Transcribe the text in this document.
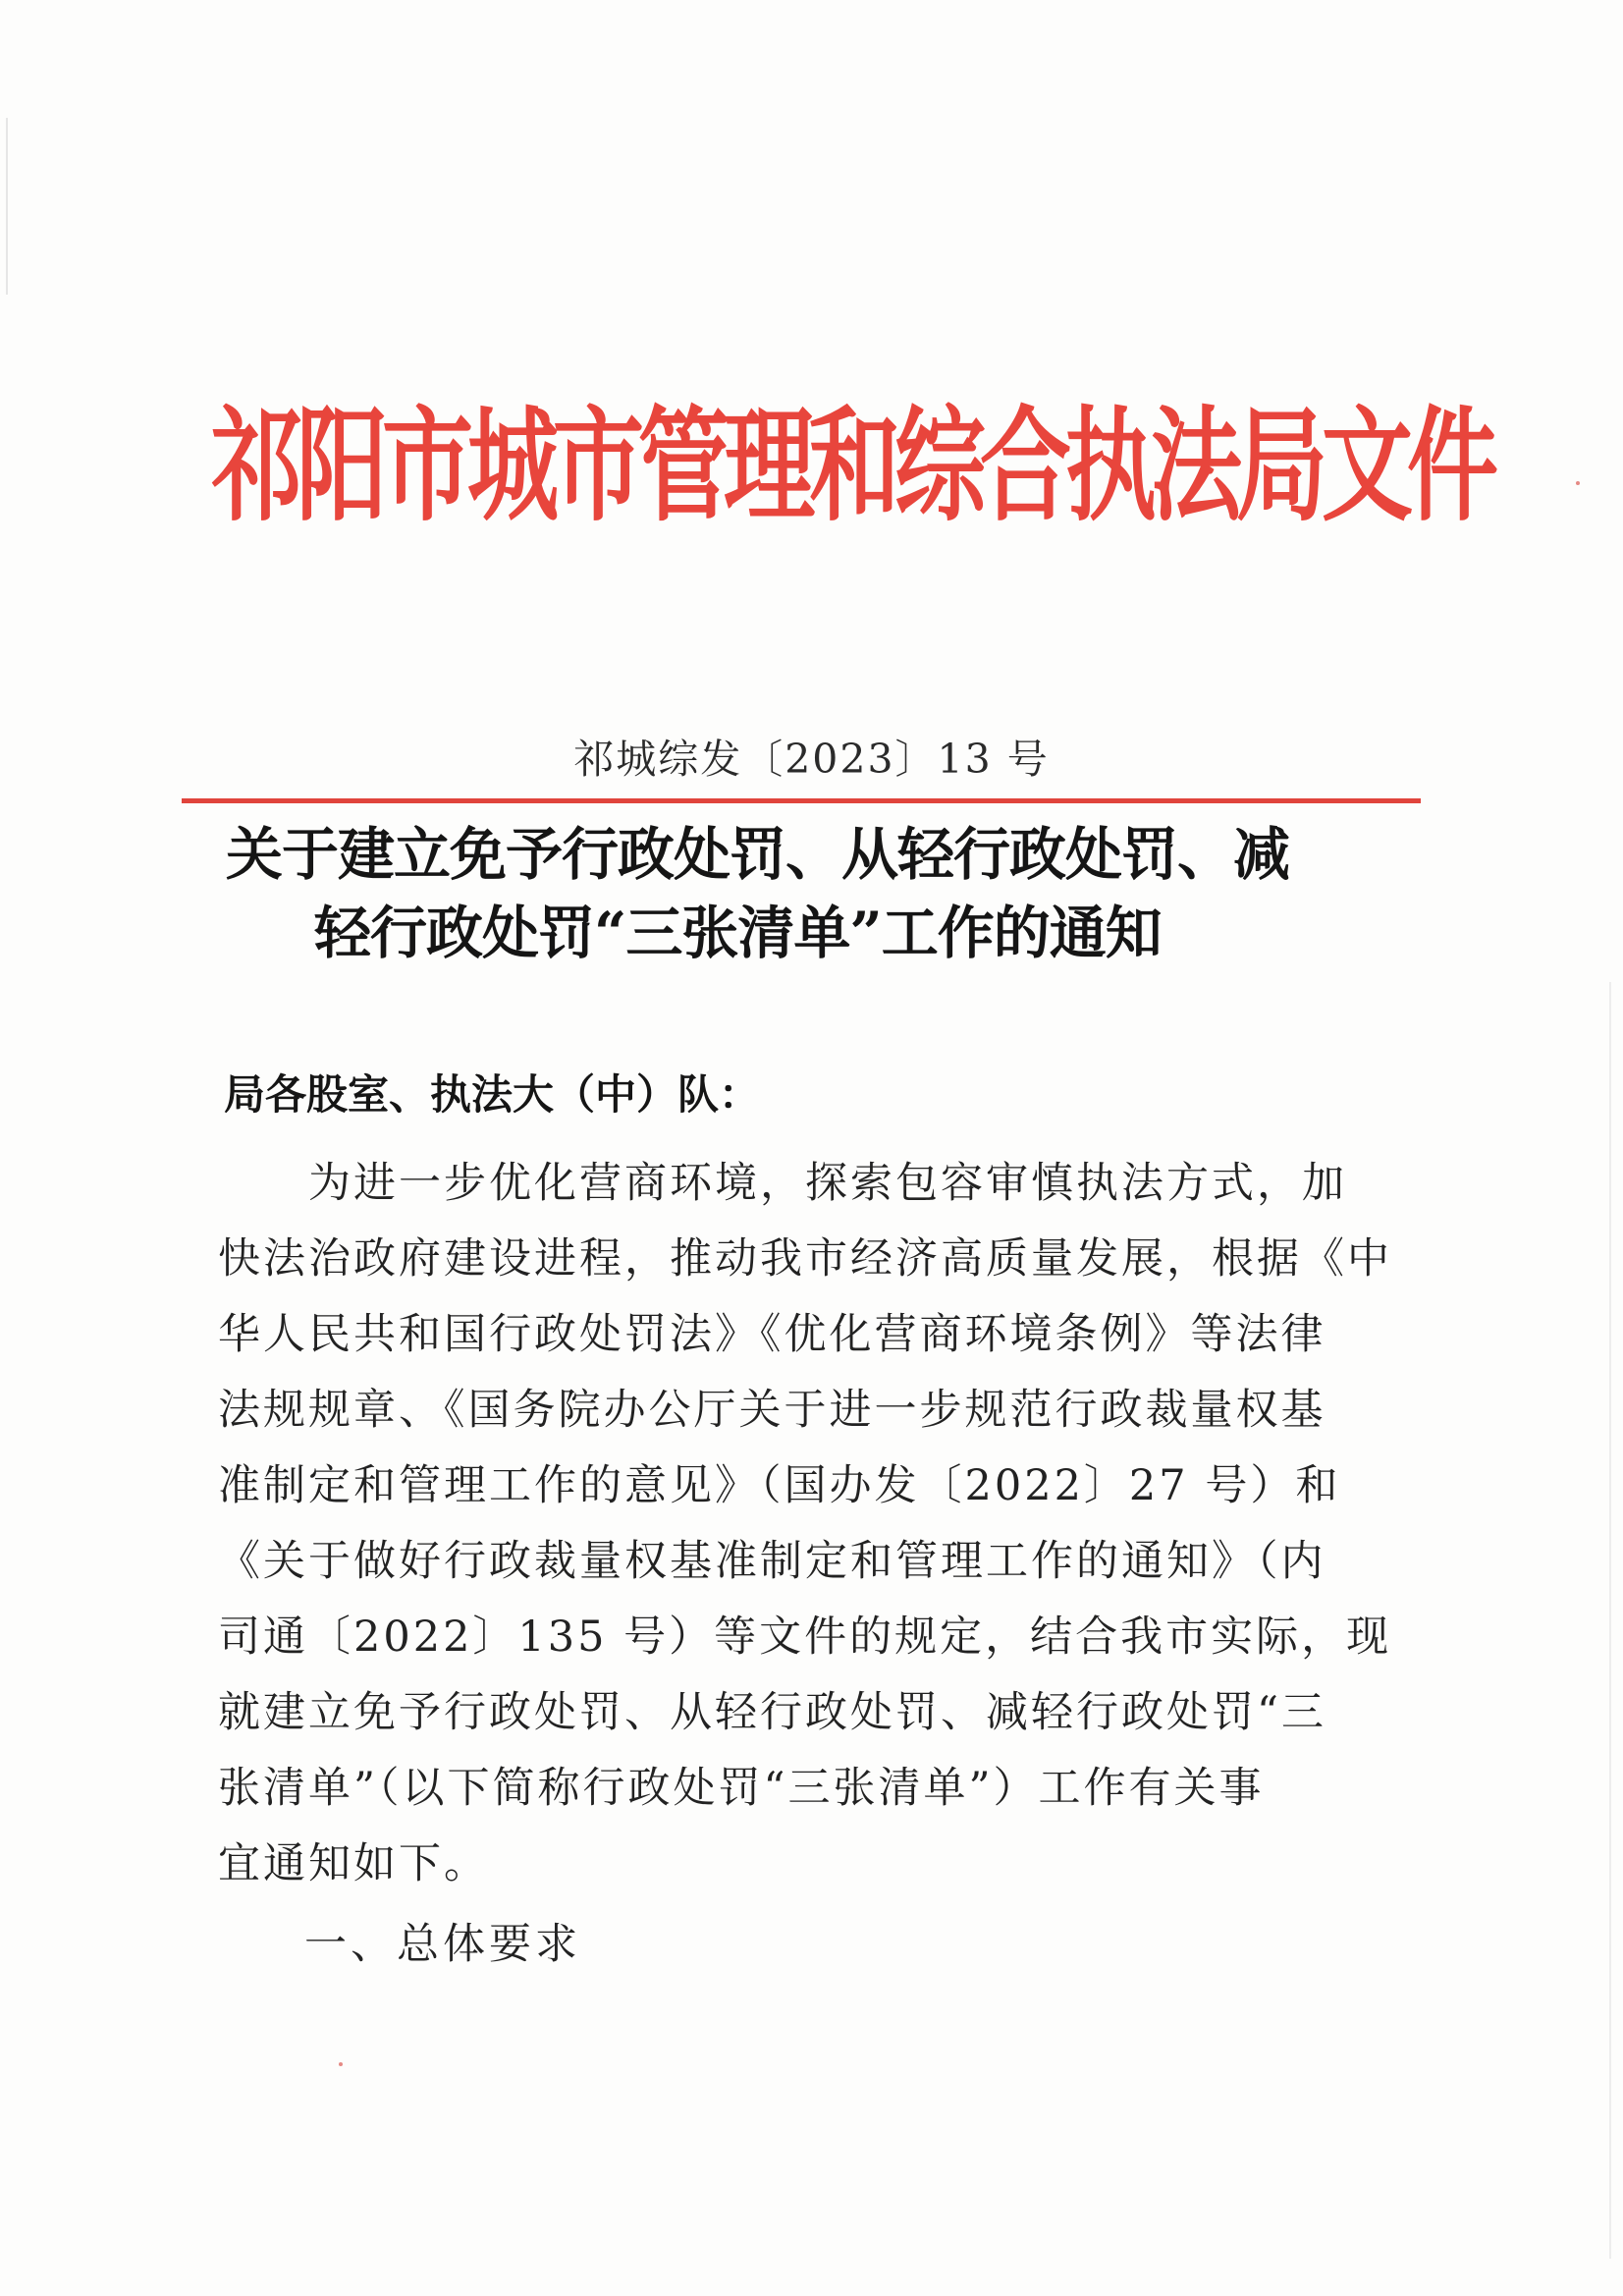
祁阳市城市管理和综合执法局文件
祁城综发〔2023〕13 号
关于建立免予行政处罚、从轻行政处罚、减
轻行政处罚“三张清单”工作的通知
局各股室、执法大（中）队：
　　为进一步优化营商环境，探索包容审慎执法方式，加
快法治政府建设进程，推动我市经济高质量发展，根据《中
华人民共和国行政处罚法》《优化营商环境条例》等法律
法规规章、《国务院办公厅关于进一步规范行政裁量权基
准制定和管理工作的意见》（国办发〔2022〕27 号）和
《关于做好行政裁量权基准制定和管理工作的通知》（内
司通〔2022〕135 号）等文件的规定，结合我市实际，现
就建立免予行政处罚、从轻行政处罚、减轻行政处罚“三
张清单”（以下简称行政处罚“三张清单”）工作有关事
宜通知如下。
一、总体要求
